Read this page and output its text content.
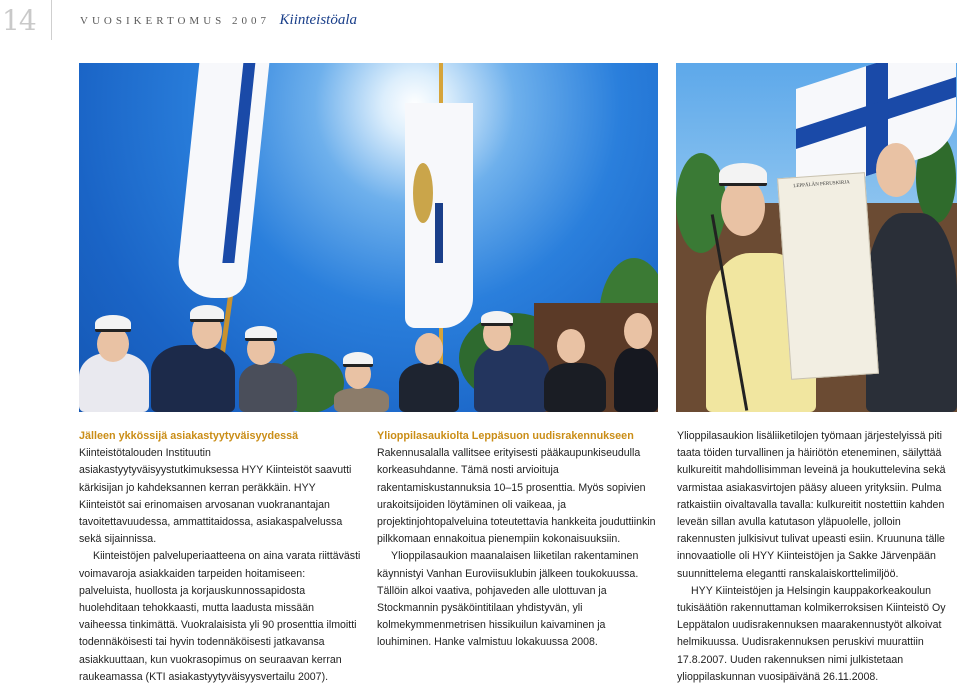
14	VUOSIKERTOMUS 2007 Kiinteistöala
LEPPÄLÄN PERUSKIRJA
Jälleen ykkössijä asiakastyytyväisyydessä

Kiinteistötalouden Instituutin asiakastyytyväisyystutkimuksessa HYY Kiinteistöt saavutti kärkisijan jo kahdeksannen kerran peräkkäin. HYY Kiinteistöt sai erinomaisen arvosanan vuokranantajan tavoitettavuudessa, ammattitaidossa, asiakaspalvelussa sekä sijainnissa.

Kiinteistöjen palveluperiaatteena on aina varata riittävästi voimavaroja asiakkaiden tarpeiden hoitamiseen: palveluista, huollosta ja korjauskunnossapidosta huolehditaan tehokkaasti, mutta laadusta missään vaiheessa tinkimättä. Vuokralaisista yli 90 prosenttia ilmoitti todennäköisesti tai hyvin todennäköisesti jatkavansa asiakkuuttaan, kun vuokrasopimus on seuraavan kerran raukeamassa (KTI asiakastyytyväisyysvertailu 2007).

Ylioppilasaukiolta Leppäsuon uudisrakennukseen

Rakennusalalla vallitsee erityisesti pääkaupunkiseudulla korkeasuhdanne. Tämä nosti arvioituja rakentamiskustannuksia 10–15 prosenttia. Myös sopivien urakoitsijoiden löytäminen oli vaikeaa, ja projektinjohtopalveluina toteutettavia hankkeita jouduttiinkin pilkkomaan ennakoitua pienempiin kokonaisuuksiin.

Ylioppilasaukion maanalaisen liiketilan rakentaminen käynnistyi Vanhan Euroviisuklubin jälkeen toukokuussa. Tällöin alkoi vaativa, pohjaveden alle ulottuvan ja Stockmannin pysäköintitilaan yhdistyvän, yli kolmekymmenmetrisen hissikuilun kaivaminen ja louhiminen. Hanke valmistuu lokakuussa 2008.

Ylioppilasaukion lisäliiketilojen työmaan järjestelyissä piti taata töiden turvallinen ja häiriötön eteneminen, säilyttää kulkureitit mahdollisimman leveinä ja houkuttelevina sekä varmistaa asiakasvirtojen pääsy alueen yrityksiin. Pulma ratkaistiin oivaltavalla tavalla: kulkureitit nostettiin kahden leveän sillan avulla katutason yläpuolelle, jolloin rakennusten julkisivut tulivat upeasti esiin. Kruununa tälle innovaatiolle oli HYY Kiinteistöjen ja Sakke Järvenpään suunnittelema elegantti ranskalaiskorttelimiljöö.

HYY Kiinteistöjen ja Helsingin kauppakorkeakoulun tukisäätiön rakennuttaman kolmikerroksisen Kiinteistö Oy Leppätalon uudisrakennuksen maarakennustyöt alkoivat helmikuussa. Uudisrakennuksen peruskivi muurattiin 17.8.2007. Uuden rakennuksen nimi julkistetaan ylioppilaskunnan vuosipäivänä 26.11.2008.
